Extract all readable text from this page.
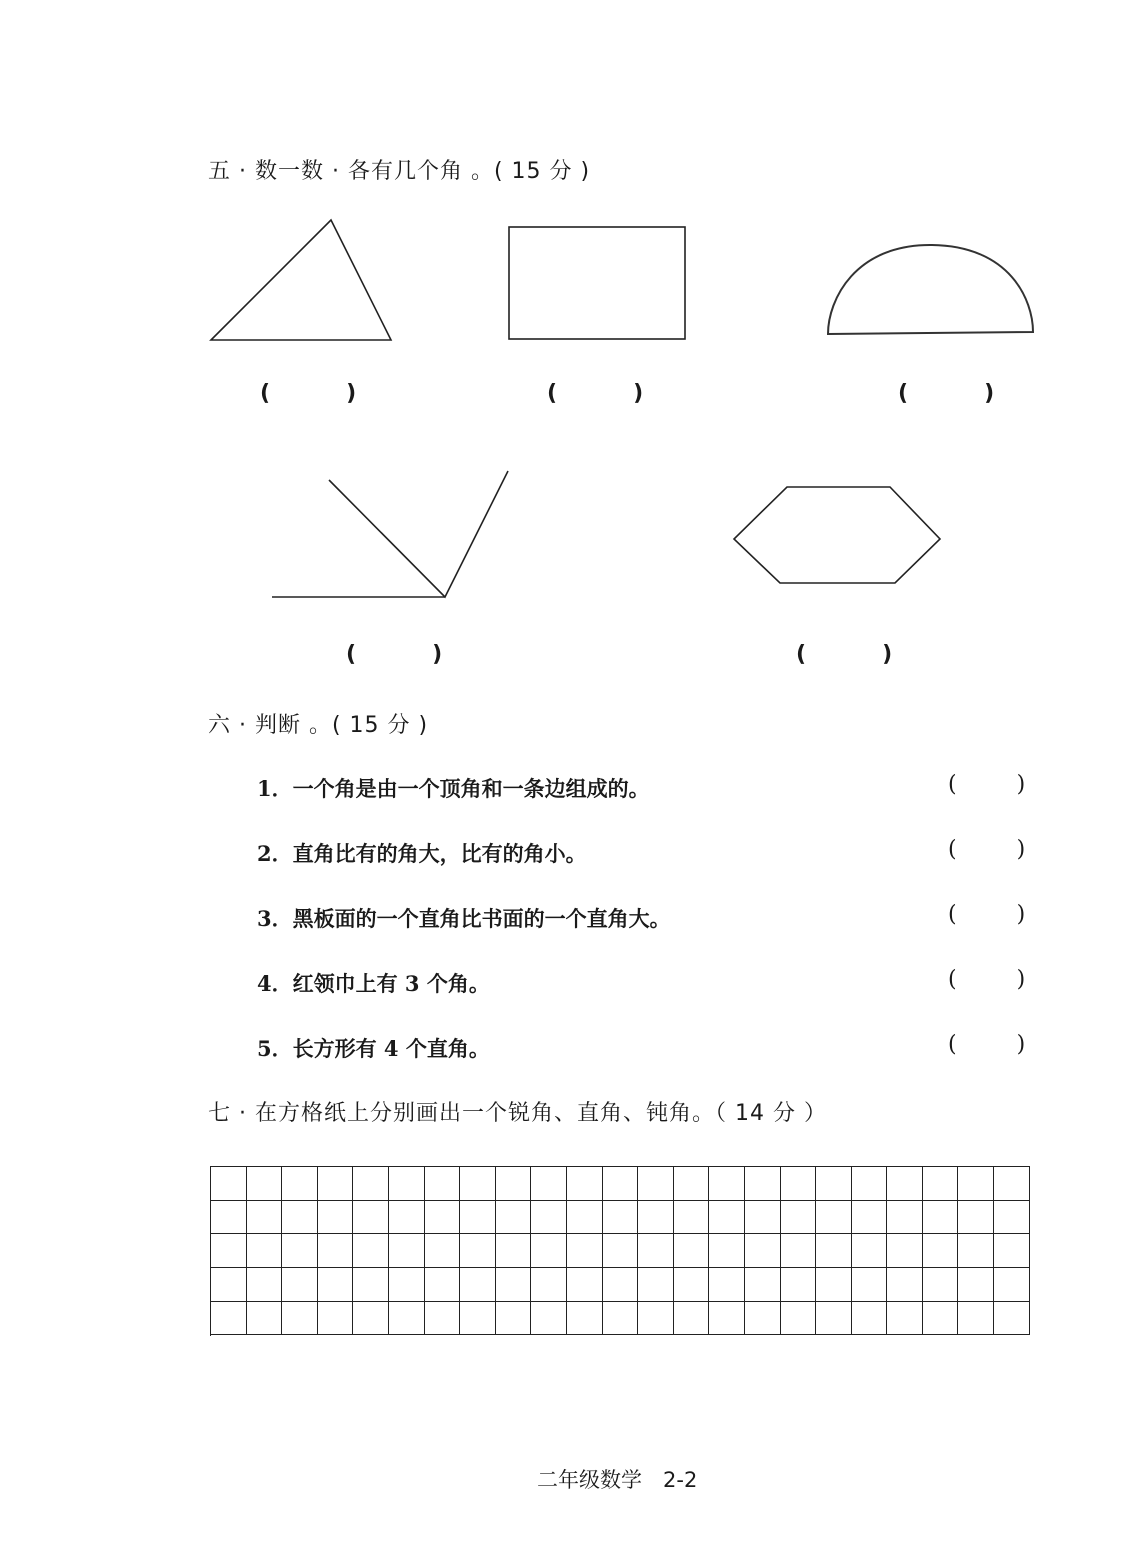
五 · 数一数 · 各有几个角 。( 15 分 )
(	)	(	)	(	)
(	)	(	)
六 · 判断 。( 15 分 )
1．一个角是由一个顶角和一条边组成的。	(	)
2．直角比有的角大，比有的角小。	(	)
3．黑板面的一个直角比书面的一个直角大。	(	)
4．红领巾上有 3 个角。	(	)
5．长方形有 4 个直角。	(	)
七 · 在方格纸上分别画出一个锐角、直角、钝角。（ 14 分 ）
二年级数学　2-2
